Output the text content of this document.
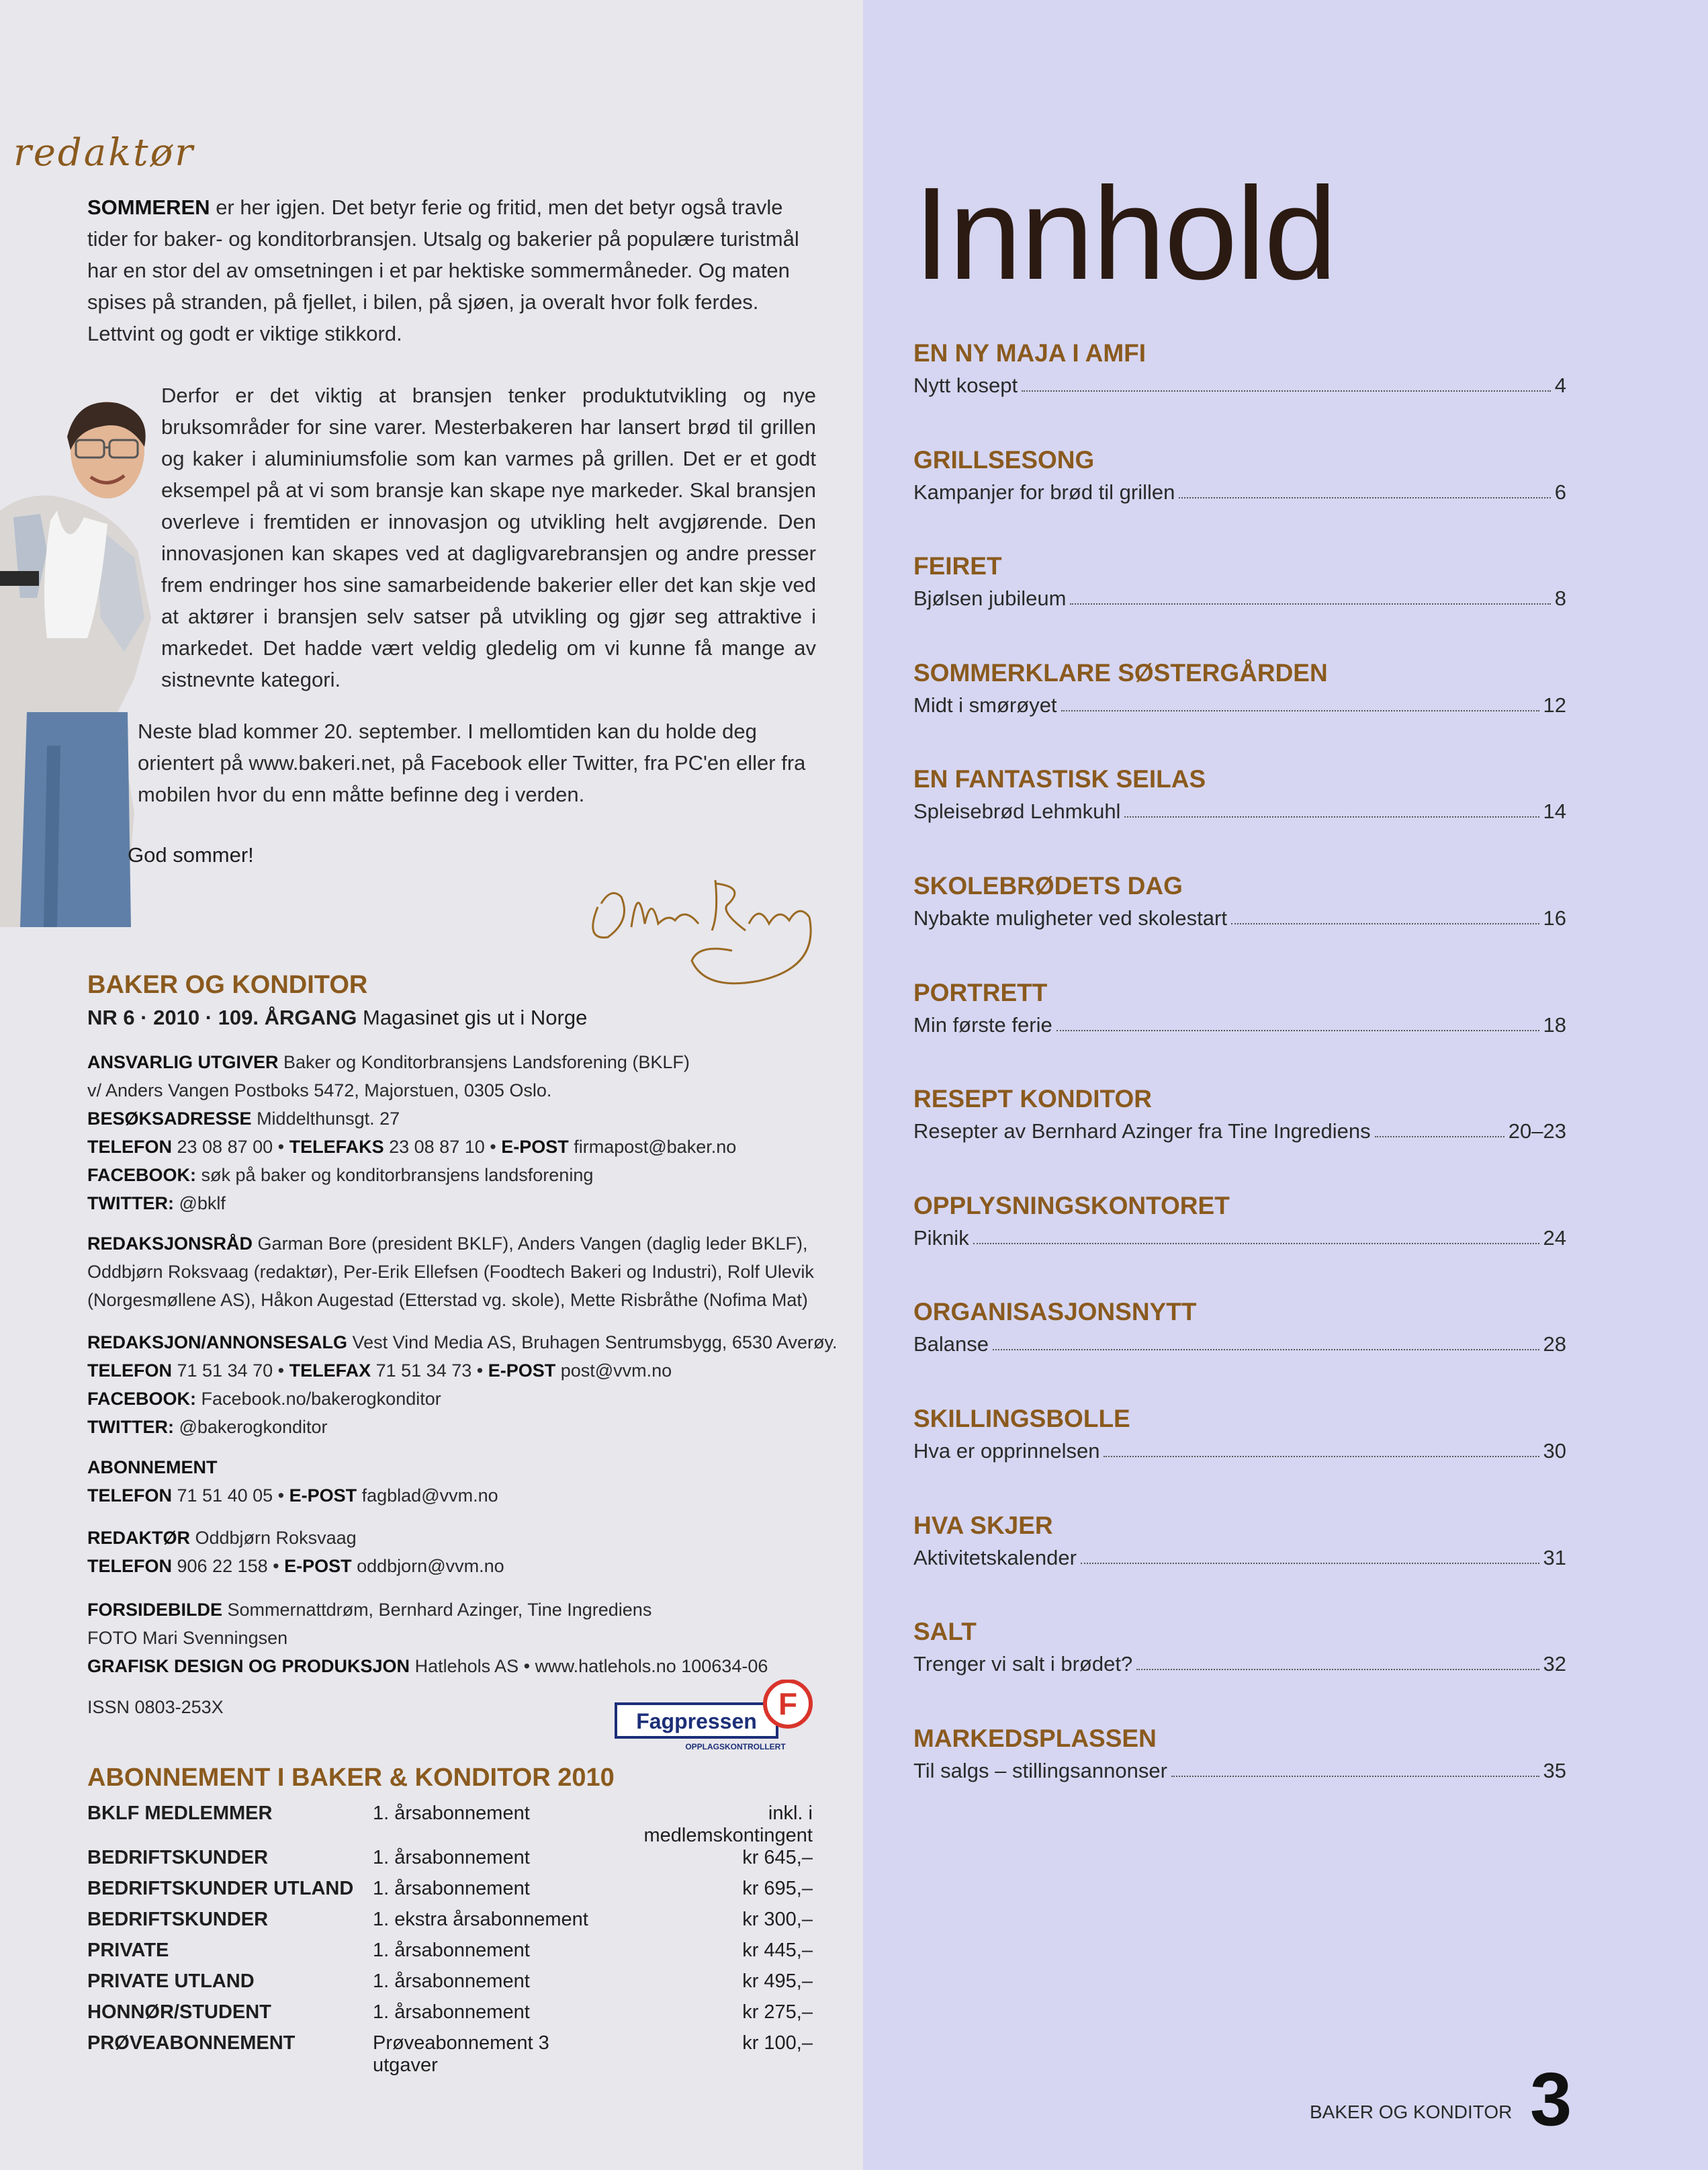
redaktør
SOMMEREN er her igjen. Det betyr ferie og fritid, men det betyr også travle tider for baker- og konditorbransjen. Utsalg og bakerier på populære turistmål har en stor del av omsetningen i et par hektiske sommermåneder. Og maten spises på stranden, på fjellet, i bilen, på sjøen, ja overalt hvor folk ferdes. Lettvint og godt er viktige stikkord.
Derfor er det viktig at bransjen tenker produktutvikling og nye bruksområder for sine varer. Mesterbakeren har lansert brød til grillen og kaker i aluminiumsfolie som kan varmes på grillen. Det er et godt eksempel på at vi som bransje kan skape nye markeder. Skal bransjen overleve i fremtiden er innovasjon og utvikling helt avgjørende. Den innovasjonen kan skapes ved at dagligvarebransjen og andre presser frem endringer hos sine samarbeidende bakerier eller det kan skje ved at aktører i bransjen selv satser på utvikling og gjør seg attraktive i markedet. Det hadde vært veldig gledelig om vi kunne få mange av sistnevnte kategori.
Neste blad kommer 20. september. I mellomtiden kan du holde deg orientert på www.bakeri.net, på Facebook eller Twitter, fra PC'en eller fra mobilen hvor du enn måtte befinne deg i verden.
God sommer!
Oddbjørn Roksvaag
BAKER OG KONDITOR
NR 6 · 2010 · 109. ÅRGANG Magasinet gis ut i Norge
ANSVARLIG UTGIVER Baker og Konditorbransjens Landsforening (BKLF)
v/ Anders Vangen Postboks 5472, Majorstuen, 0305 Oslo.
BESØKSADRESSE Middelthunsgt. 27
TELEFON 23 08 87 00 • TELEFAKS 23 08 87 10 • E-POST firmapost@baker.no
FACEBOOK: søk på baker og konditorbransjens landsforening
TWITTER: @bklf
REDAKSJONSRÅD Garman Bore (president BKLF), Anders Vangen (daglig leder BKLF), Oddbjørn Roksvaag (redaktør), Per-Erik Ellefsen (Foodtech Bakeri og Industri), Rolf Ulevik (Norgesmøllene AS), Håkon Augestad (Etterstad vg. skole), Mette Risbråthe (Nofima Mat)
REDAKSJON/ANNONSESALG Vest Vind Media AS, Bruhagen Sentrumsbygg, 6530 Averøy.
TELEFON 71 51 34 70 • TELEFAX 71 51 34 73 • E-POST post@vvm.no
FACEBOOK: Facebook.no/bakerogkonditor
TWITTER: @bakerogkonditor
ABONNEMENT
TELEFON 71 51 40 05 • E-POST fagblad@vvm.no
REDAKTØR Oddbjørn Roksvaag
TELEFON 906 22 158 • E-POST oddbjorn@vvm.no
FORSIDEBILDE Sommernattdrøm, Bernhard Azinger, Tine Ingrediens
FOTO Mari Svenningsen
GRAFISK DESIGN OG PRODUKSJON Hatlehols AS • www.hatlehols.no 100634-06
ISSN 0803-253X
Fagpressen F
OPPLAGSKONTROLLERT
ABONNEMENT I BAKER & KONDITOR 2010
BKLF MEDLEMMER	1. årsabonnement	inkl. i medlemskontingent
BEDRIFTSKUNDER	1. årsabonnement	kr 645,–
BEDRIFTSKUNDER UTLAND	1. årsabonnement	kr 695,–
BEDRIFTSKUNDER	1. ekstra årsabonnement	kr 300,–
PRIVATE	1. årsabonnement	kr 445,–
PRIVATE UTLAND	1. årsabonnement	kr 495,–
HONNØR/STUDENT	1. årsabonnement	kr 275,–
PRØVEABONNEMENT	Prøveabonnement 3 utgaver	kr 100,–
Innhold
EN NY MAJA I AMFI
Nytt kosept	4
GRILLSESONG
Kampanjer for brød til grillen	6
FEIRET
Bjølsen jubileum	8
SOMMERKLARE SØSTERGÅRDEN
Midt i smørøyet	12
EN FANTASTISK SEILAS
Spleisebrød Lehmkuhl	14
SKOLEBRØDETS DAG
Nybakte muligheter ved skolestart	16
PORTRETT
Min første ferie	18
RESEPT KONDITOR
Resepter av Bernhard Azinger fra Tine Ingrediens	20–23
OPPLYSNINGSKONTORET
Piknik	24
ORGANISASJONSNYTT
Balanse	28
SKILLINGSBOLLE
Hva er opprinnelsen	30
HVA SKJER
Aktivitetskalender	31
SALT
Trenger vi salt i brødet?	32
MARKEDSPLASSEN
Til salgs – stillingsannonser	35
BAKER OG KONDITOR 3
